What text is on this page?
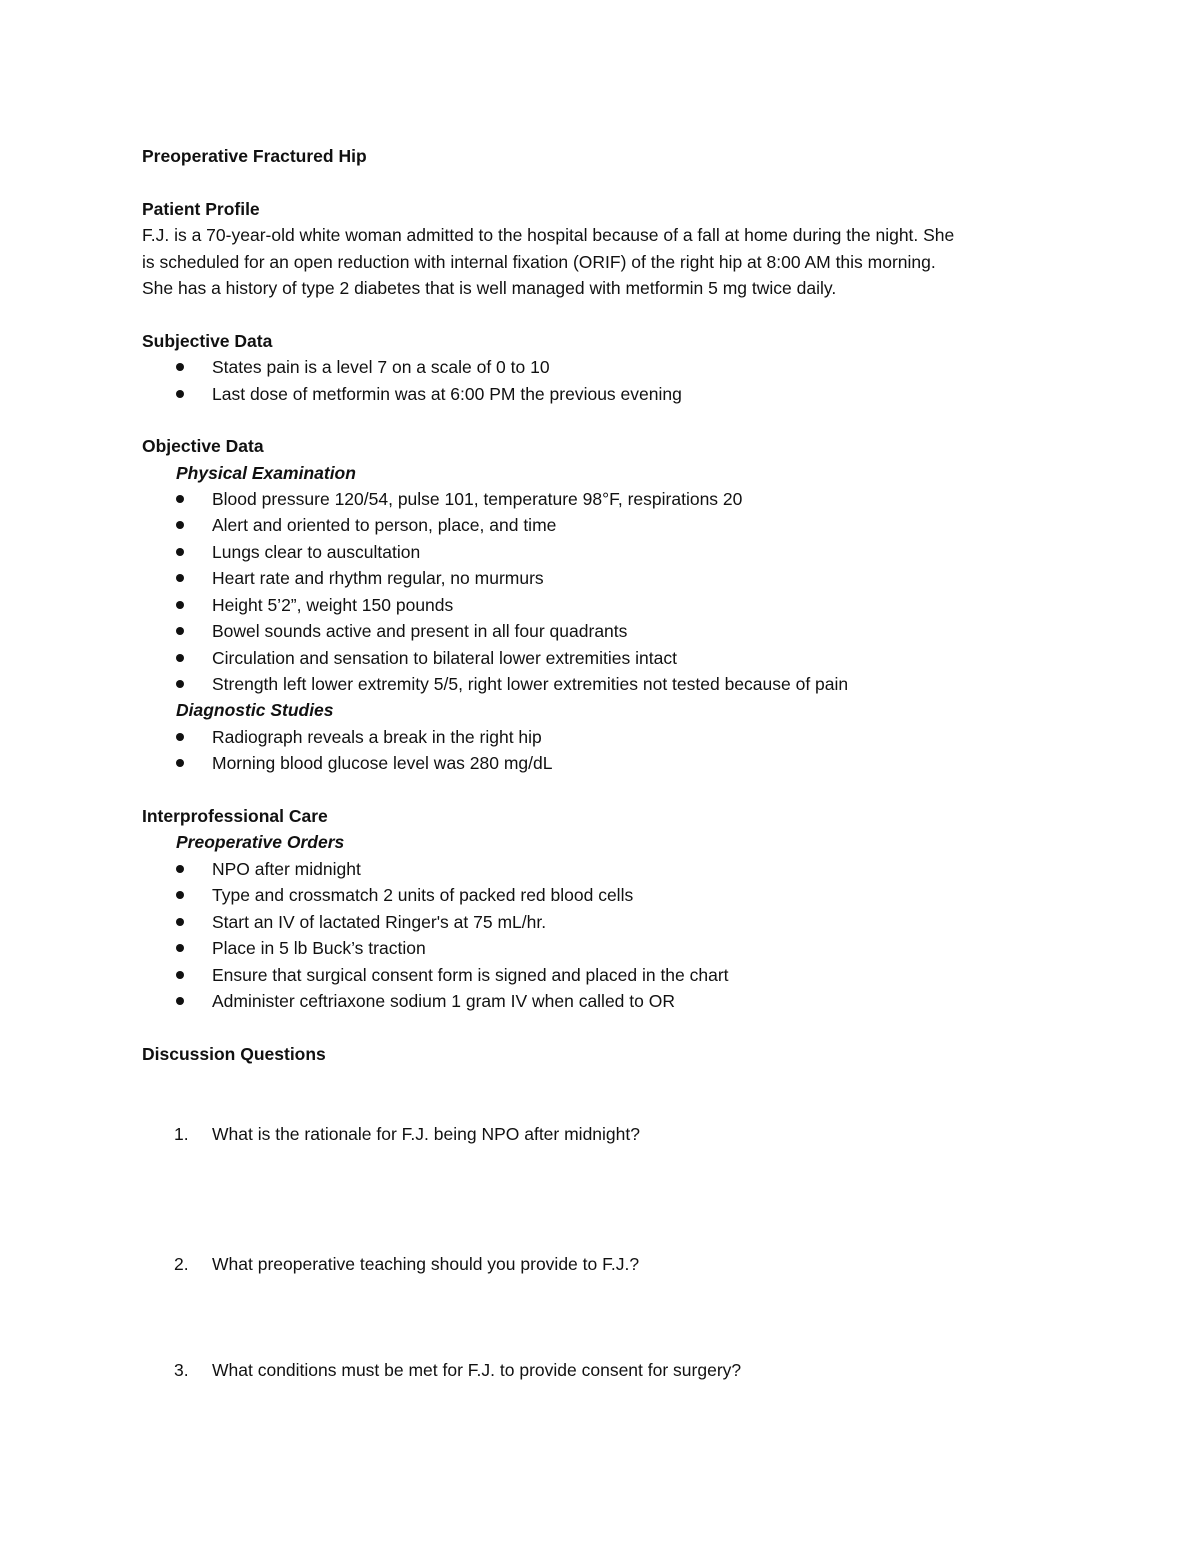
Preoperative Fractured Hip
Patient Profile
F.J. is a 70-year-old white woman admitted to the hospital because of a fall at home during the night. She
is scheduled for an open reduction with internal fixation (ORIF) of the right hip at 8:00 AM this morning.
She has a history of type 2 diabetes that is well managed with metformin 5 mg twice daily.
Subjective Data
States pain is a level 7 on a scale of 0 to 10
Last dose of metformin was at 6:00 PM the previous evening
Objective Data
Physical Examination
Blood pressure 120/54, pulse 101, temperature 98°F, respirations 20
Alert and oriented to person, place, and time
Lungs clear to auscultation
Heart rate and rhythm regular, no murmurs
Height 5’2”, weight 150 pounds
Bowel sounds active and present in all four quadrants
Circulation and sensation to bilateral lower extremities intact
Strength left lower extremity 5/5, right lower extremities not tested because of pain
Diagnostic Studies
Radiograph reveals a break in the right hip
Morning blood glucose level was 280 mg/dL
Interprofessional Care
Preoperative Orders
NPO after midnight
Type and crossmatch 2 units of packed red blood cells
Start an IV of lactated Ringer's at 75 mL/hr.
Place in 5 lb Buck’s traction
Ensure that surgical consent form is signed and placed in the chart
Administer ceftriaxone sodium 1 gram IV when called to OR
Discussion Questions
1. What is the rationale for F.J. being NPO after midnight?
2. What preoperative teaching should you provide to F.J.?
3. What conditions must be met for F.J. to provide consent for surgery?
